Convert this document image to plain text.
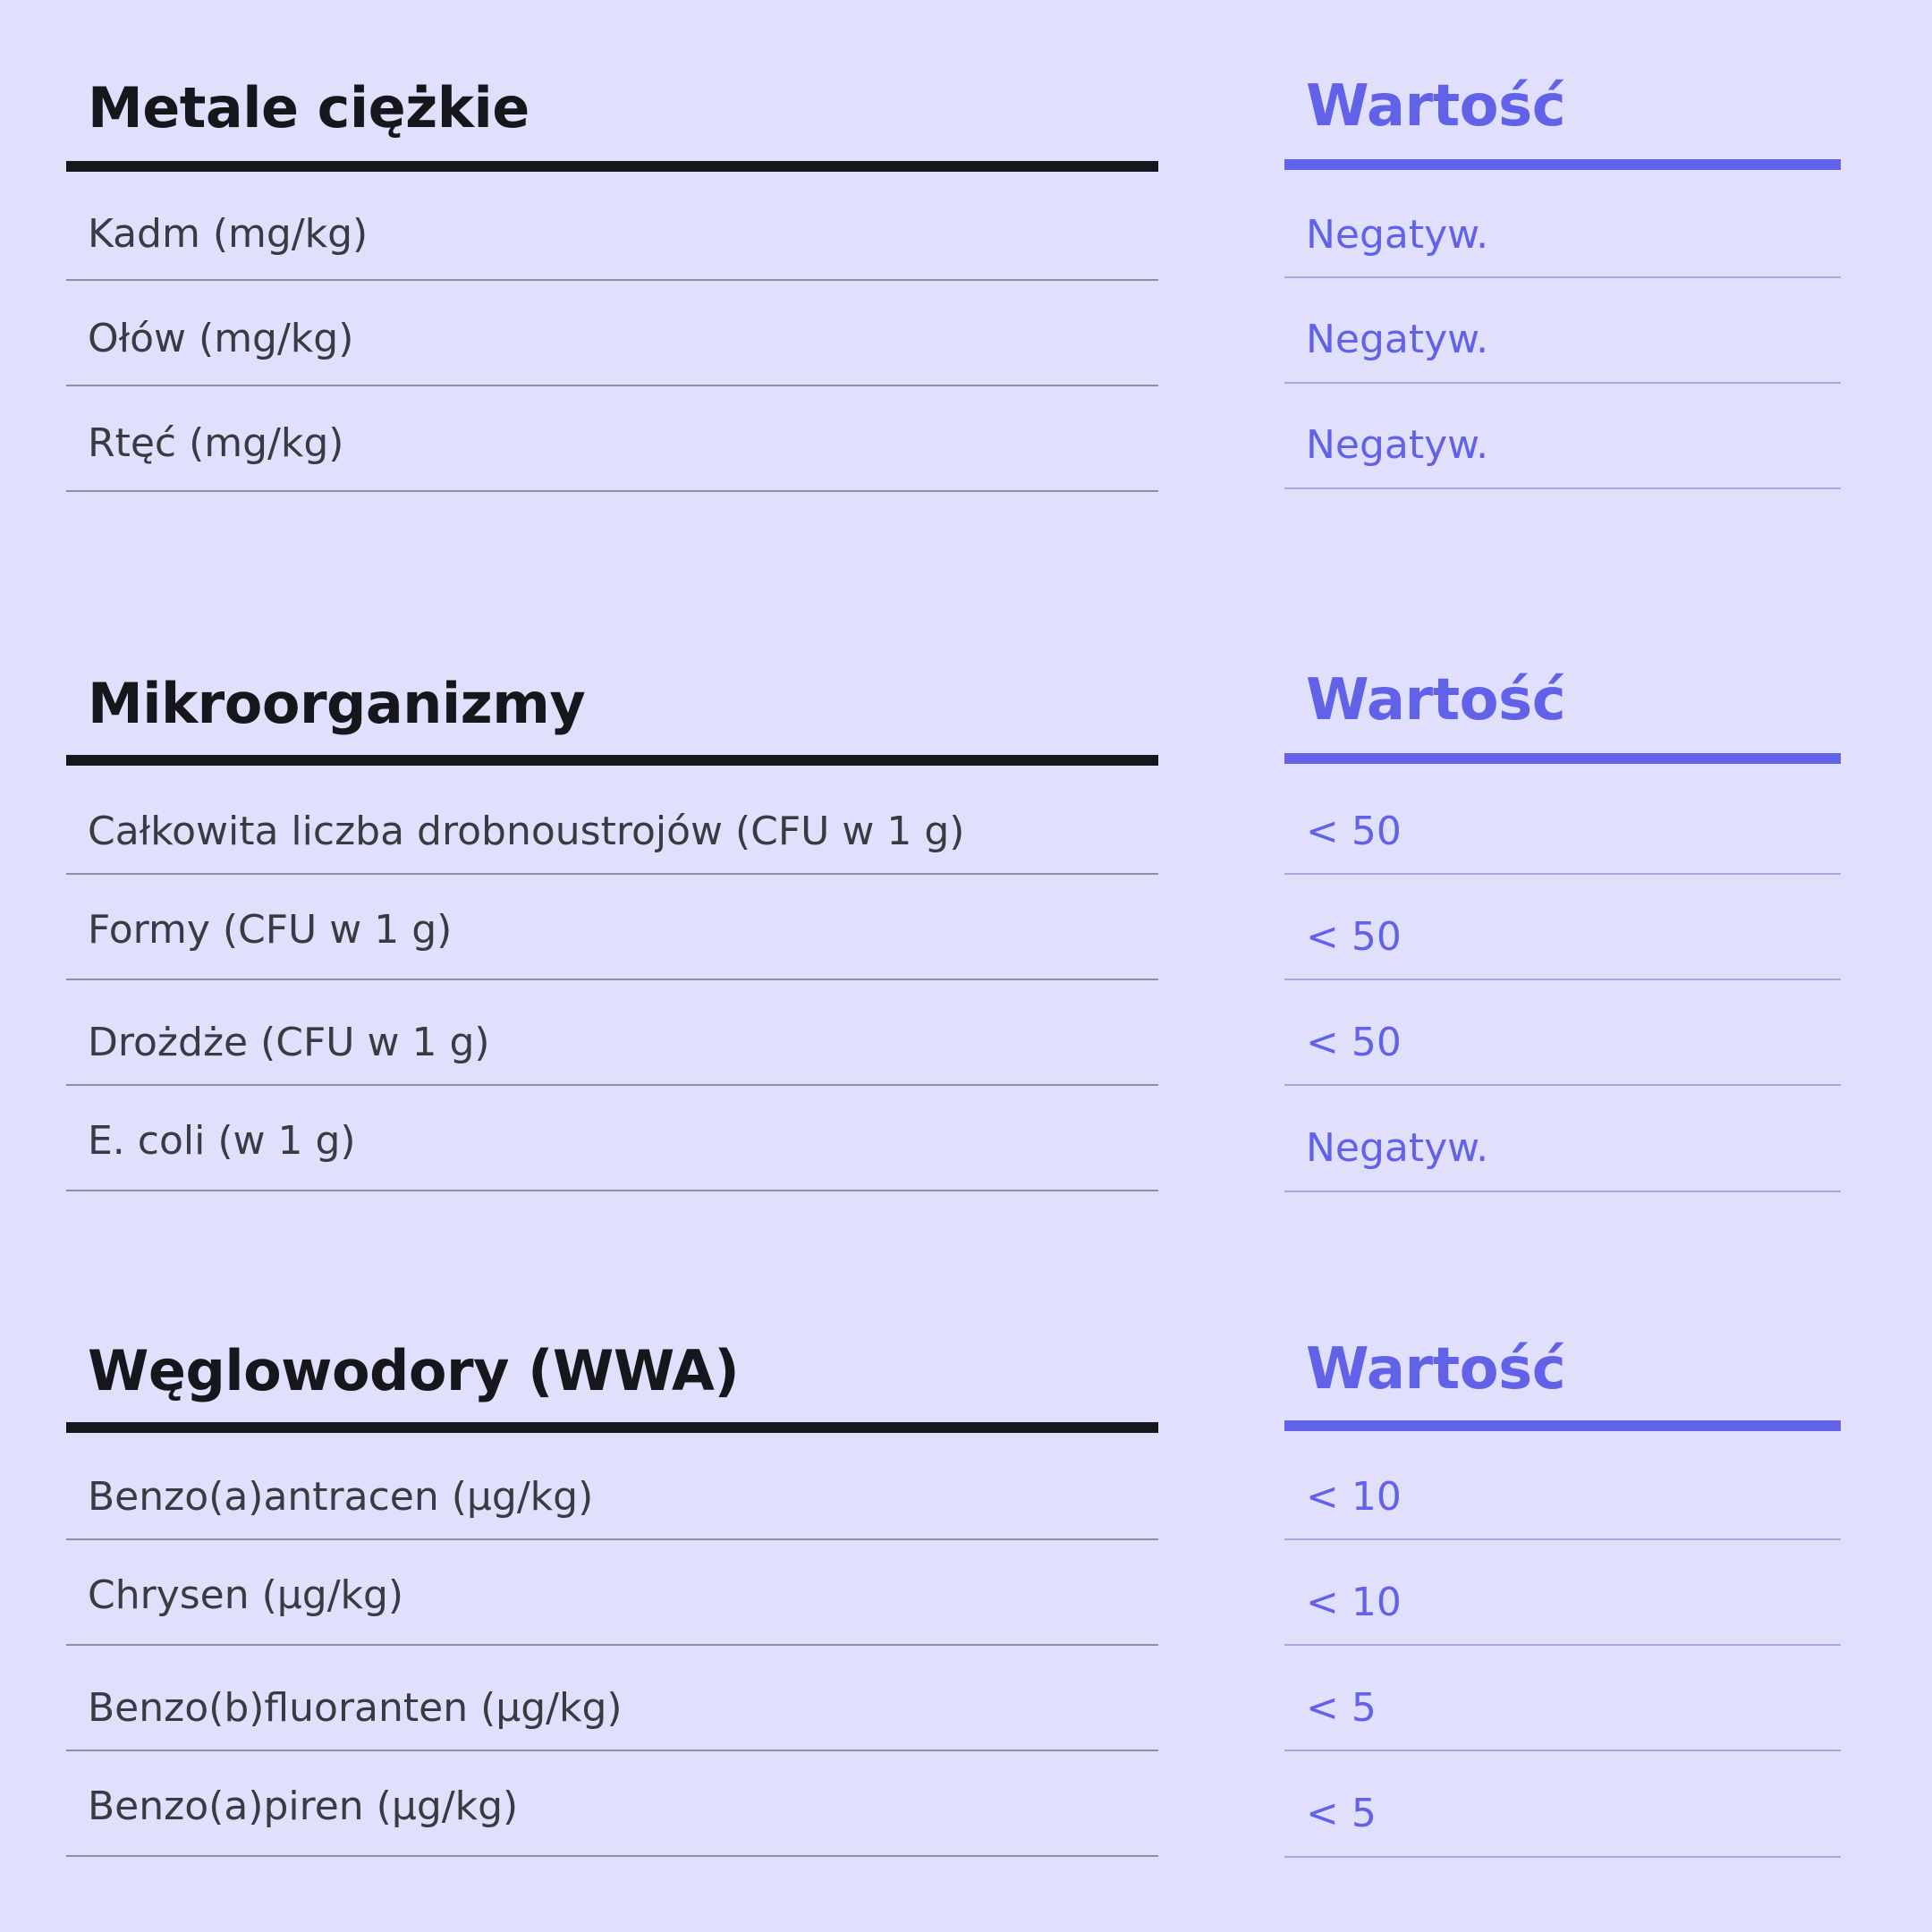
Metale ciężkie	Wartość
Kadm (mg/kg)	Negatyw.
Ołów (mg/kg)	Negatyw.
Rtęć (mg/kg)	Negatyw.
Mikroorganizmy	Wartość
Całkowita liczba drobnoustrojów (CFU w 1 g)	< 50
Formy (CFU w 1 g)	< 50
Drożdże (CFU w 1 g)	< 50
E. coli (w 1 g)	Negatyw.
Węglowodory (WWA)	Wartość
Benzo(a)antracen (µg/kg)	< 10
Chrysen (µg/kg)	< 10
Benzo(b)fluoranten (µg/kg)	< 5
Benzo(a)piren (µg/kg)	< 5
